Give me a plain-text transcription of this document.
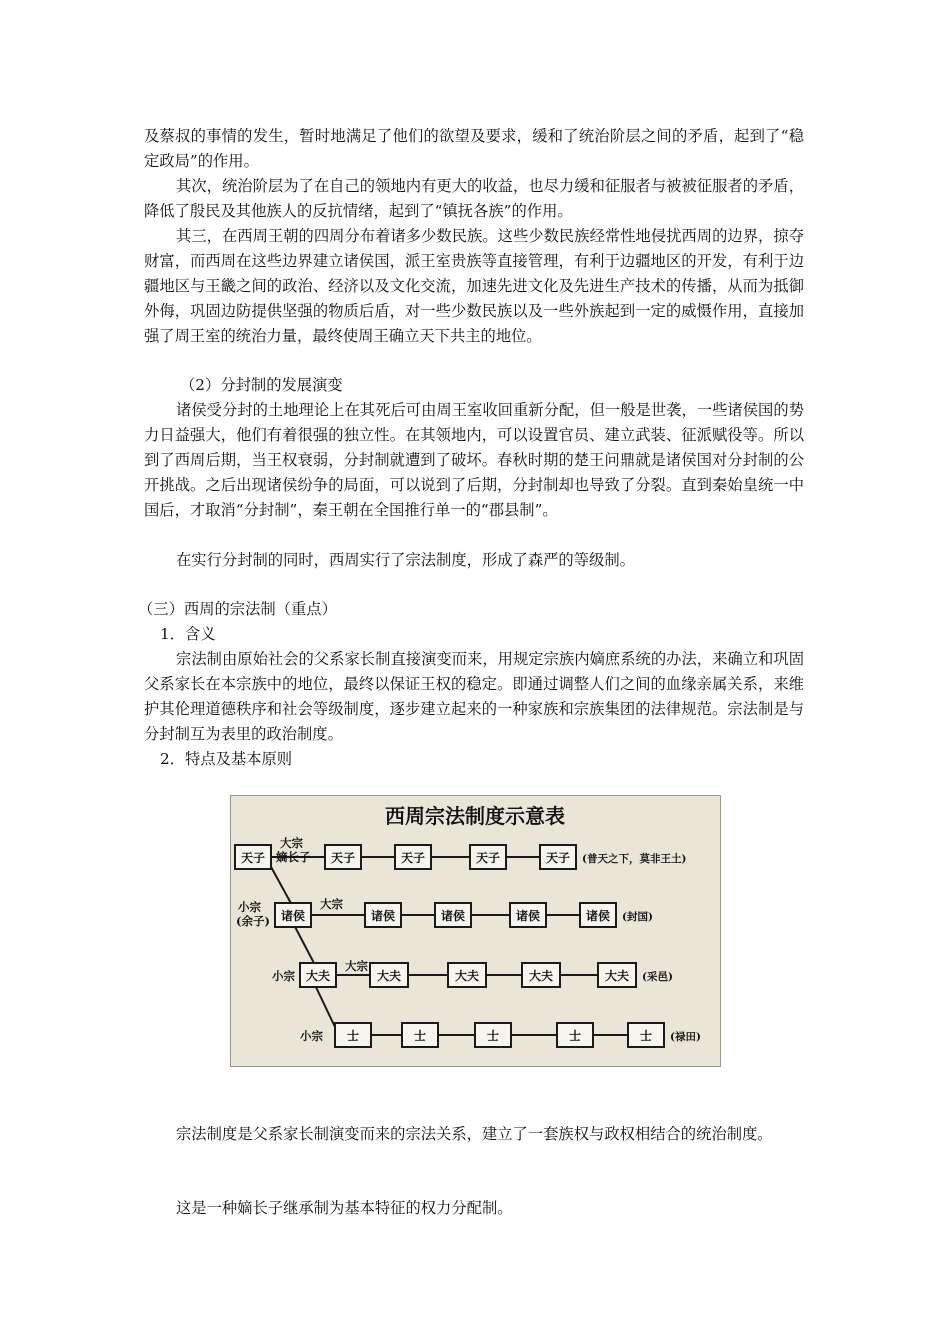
及蔡叔的事情的发生，暂时地满足了他们的欲望及要求，缓和了统治阶层之间的矛盾，起到了“稳定政局”的作用。

其次，统治阶层为了在自己的领地内有更大的收益，也尽力缓和征服者与被被征服者的矛盾，降低了殷民及其他族人的反抗情绪，起到了“镇抚各族”的作用。

其三，在西周王朝的四周分布着诸多少数民族。这些少数民族经常性地侵扰西周的边界，掠夺财富，而西周在这些边界建立诸侯国，派王室贵族等直接管理，有利于边疆地区的开发，有利于边疆地区与王畿之间的政治、经济以及文化交流，加速先进文化及先进生产技术的传播，从而为抵御外侮，巩固边防提供坚强的物质后盾，对一些少数民族以及一些外族起到一定的威慑作用，直接加强了周王室的统治力量，最终使周王确立天下共主的地位。

（2）分封制的发展演变

诸侯受分封的土地理论上在其死后可由周王室收回重新分配，但一般是世袭，一些诸侯国的势力日益强大，他们有着很强的独立性。在其领地内，可以设置官员、建立武装、征派赋役等。所以到了西周后期，当王权衰弱，分封制就遭到了破坏。春秋时期的楚王问鼎就是诸侯国对分封制的公开挑战。之后出现诸侯纷争的局面，可以说到了后期，分封制却也导致了分裂。直到秦始皇统一中国后，才取消“分封制”，秦王朝在全国推行单一的“郡县制”。

在实行分封制的同时，西周实行了宗法制度，形成了森严的等级制。

（三）西周的宗法制（重点）

1．含义

宗法制由原始社会的父系家长制直接演变而来，用规定宗族内嫡庶系统的办法，来确立和巩固父系家长在本宗族中的地位，最终以保证王权的稳定。即通过调整人们之间的血缘亲属关系，来维护其伦理道德秩序和社会等级制度，逐步建立起来的一种家族和宗族集团的法律规范。宗法制是与分封制互为表里的政治制度。

2．特点及基本原则

西周宗法制度示意表
天子	天子	天子	天子	天子
大宗
嫡长子	(普天之下，莫非王土)
小宗
(余子) 诸侯
大宗
诸侯	诸侯	诸侯	诸侯 (封国)
小宗 大夫
大宗
大夫	大夫	大夫	大夫 (采邑)
小宗 士	士	士	士	士 (禄田)

宗法制度是父系家长制演变而来的宗法关系，建立了一套族权与政权相结合的统治制度。

这是一种嫡长子继承制为基本特征的权力分配制。
